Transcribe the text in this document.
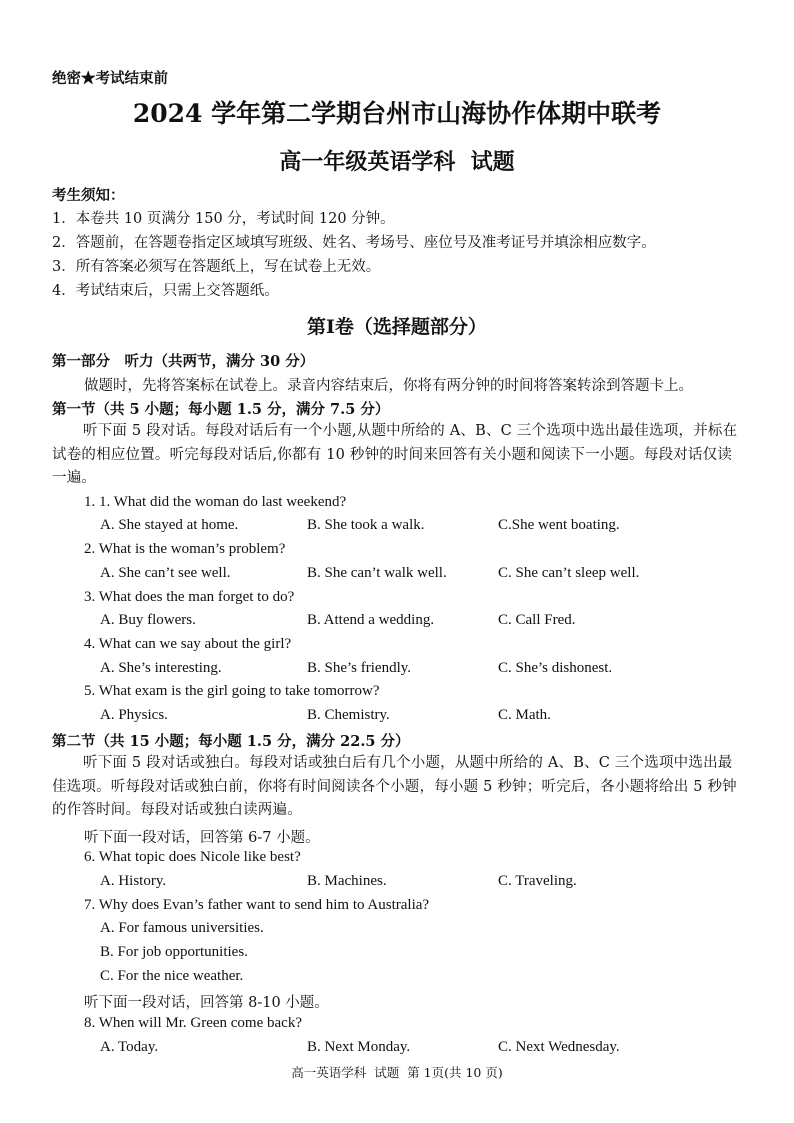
绝密★考试结束前
2024 学年第二学期台州市山海协作体期中联考
高一年级英语学科  试题
考生须知：
1．本卷共 10 页满分 150 分，考试时间 120 分钟。
2．答题前，在答题卷指定区域填写班级、姓名、考场号、座位号及准考证号并填涂相应数字。
3．所有答案必须写在答题纸上，写在试卷上无效。
4．考试结束后，只需上交答题纸。
第Ⅰ卷（选择题部分）
第一部分　听力（共两节，满分 30 分）
做题时，先将答案标在试卷上。录音内容结束后，你将有两分钟的时间将答案转涂到答题卡上。
第一节（共 5 小题；每小题 1.5 分，满分 7.5 分）
听下面 5 段对话。每段对话后有一个小题,从题中所给的 A、B、C 三个选项中选出最佳选项，并标在试卷的相应位置。听完每段对话后,你都有 10 秒钟的时间来回答有关小题和阅读下一小题。每段对话仅读一遍。
1. 1. What did the woman do last weekend?
A. She stayed at home.	B. She took a walk.	C.She went boating.
2. What is the woman’s problem?
A. She can’t see well.	B. She can’t walk well.	C. She can’t sleep well.
3. What does the man forget to do?
A. Buy flowers.	B. Attend a wedding.	C. Call Fred.
4. What can we say about the girl?
A. She’s interesting.	B. She’s friendly.	C. She’s dishonest.
5. What exam is the girl going to take tomorrow?
A. Physics.	B. Chemistry.	C. Math.
第二节（共 15 小题；每小题 1.5 分，满分 22.5 分）
听下面 5 段对话或独白。每段对话或独白后有几个小题，从题中所给的 A、B、C 三个选项中选出最佳选项。听每段对话或独白前，你将有时间阅读各个小题，每小题 5 秒钟；听完后，各小题将给出 5 秒钟的作答时间。每段对话或独白读两遍。
听下面一段对话，回答第 6-7 小题。
6. What topic does Nicole like best?
A. History.	B. Machines.	C. Traveling.
7. Why does Evan’s father want to send him to Australia?
A. For famous universities.
B. For job opportunities.
C. For the nice weather.
听下面一段对话，回答第 8-10 小题。
8. When will Mr. Green come back?
A. Today.	B. Next Monday.	C. Next Wednesday.
高一英语学科  试题  第 1页(共 10 页)
